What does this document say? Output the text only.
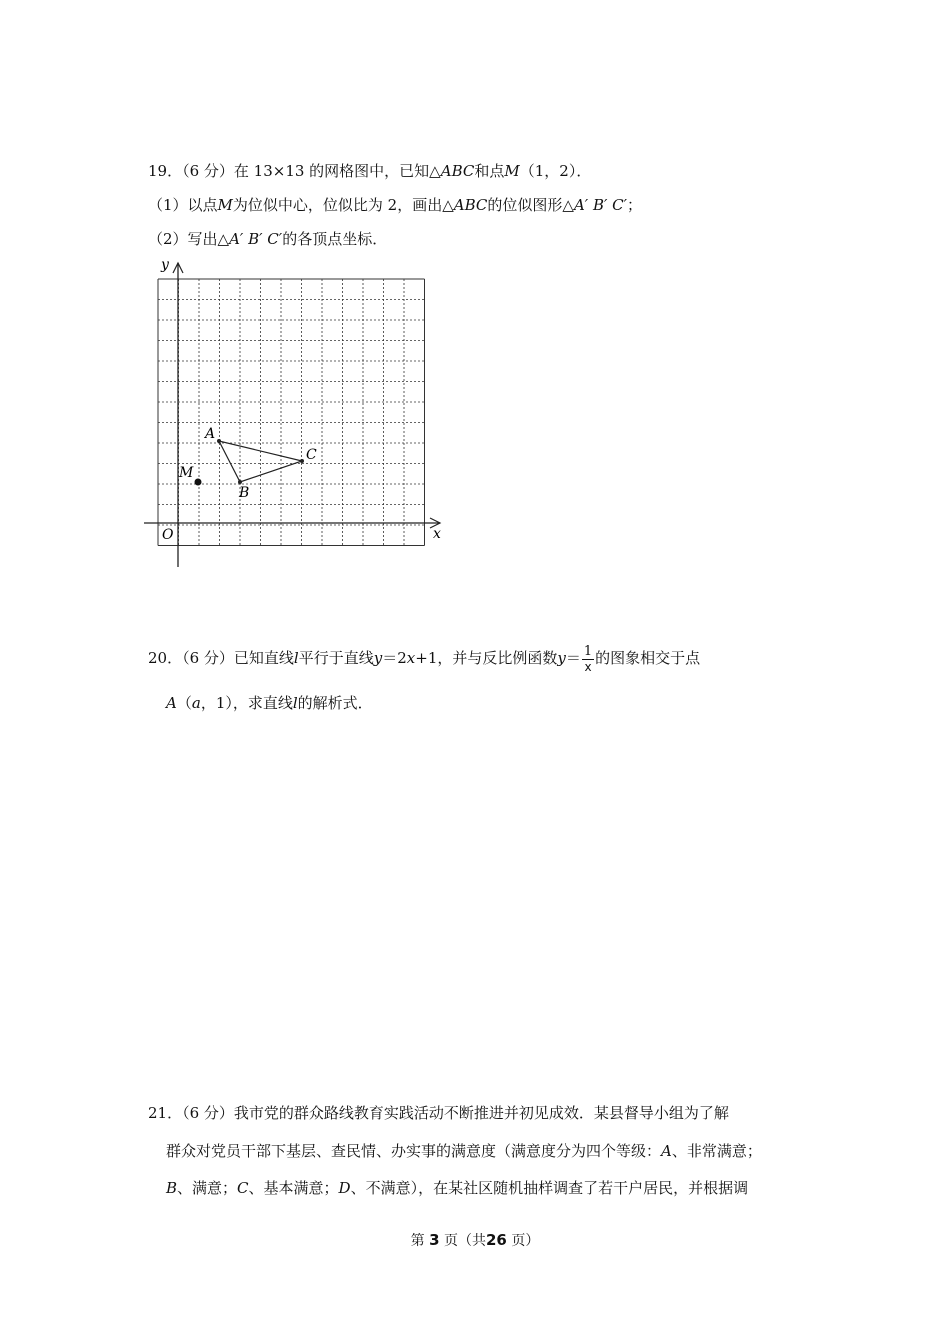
19．（6 分）在 13×13 的网格图中，已知△ABC和点M（1，2）．
（1）以点M为位似中心，位似比为 2，画出△ABC的位似图形△A′ B′ C′；
（2）写出△A′ B′ C′的各顶点坐标．
y
x
O
A
B
C
M
20．（6 分）已知直线l平行于直线y＝2x+1，并与反比例函数$y= \frac{1}{x}$ 的图象相交于点
A（a，1），求直线l的解析式．
21．（6 分）我市党的群众路线教育实践活动不断推进并初见成效．某县督导小组为了解
群众对党员干部下基层、查民情、办实事的满意度（满意度分为四个等级：A、非常满意；
B、满意；C、基本满意；D、不满意），在某社区随机抽样调查了若干户居民，并根据调
第 3 页（共26 页）
